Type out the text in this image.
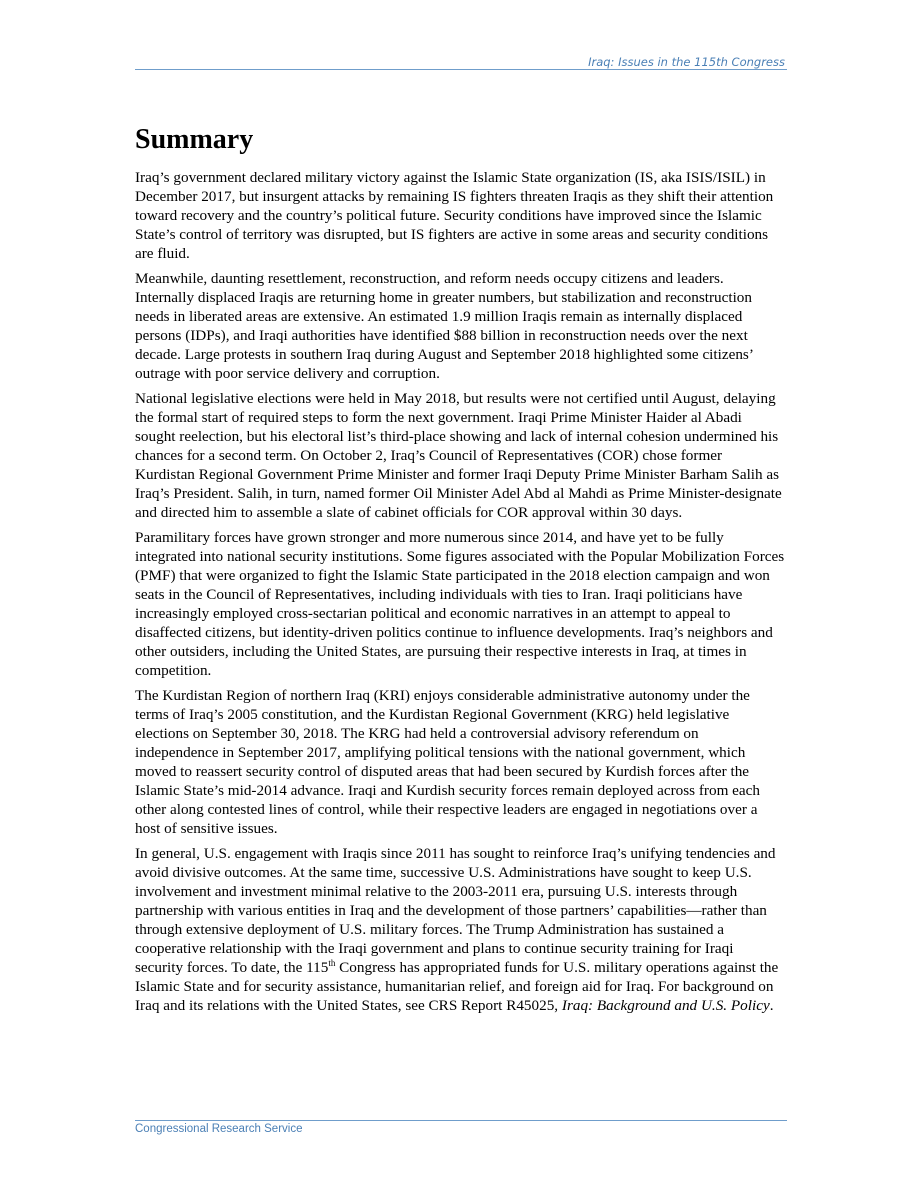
Iraq: Issues in the 115th Congress
Summary

Iraq’s government declared military victory against the Islamic State organization (IS, aka ISIS/ISIL) in December 2017, but insurgent attacks by remaining IS fighters threaten Iraqis as they shift their attention toward recovery and the country’s political future. Security conditions have improved since the Islamic State’s control of territory was disrupted, but IS fighters are active in some areas and security conditions are fluid.

Meanwhile, daunting resettlement, reconstruction, and reform needs occupy citizens and leaders. Internally displaced Iraqis are returning home in greater numbers, but stabilization and reconstruction needs in liberated areas are extensive. An estimated 1.9 million Iraqis remain as internally displaced persons (IDPs), and Iraqi authorities have identified $88 billion in reconstruction needs over the next decade. Large protests in southern Iraq during August and September 2018 highlighted some citizens’ outrage with poor service delivery and corruption.

National legislative elections were held in May 2018, but results were not certified until August, delaying the formal start of required steps to form the next government. Iraqi Prime Minister Haider al Abadi sought reelection, but his electoral list’s third-place showing and lack of internal cohesion undermined his chances for a second term. On October 2, Iraq’s Council of Representatives (COR) chose former Kurdistan Regional Government Prime Minister and former Iraqi Deputy Prime Minister Barham Salih as Iraq’s President. Salih, in turn, named former Oil Minister Adel Abd al Mahdi as Prime Minister-designate and directed him to assemble a slate of cabinet officials for COR approval within 30 days.

Paramilitary forces have grown stronger and more numerous since 2014, and have yet to be fully integrated into national security institutions. Some figures associated with the Popular Mobilization Forces (PMF) that were organized to fight the Islamic State participated in the 2018 election campaign and won seats in the Council of Representatives, including individuals with ties to Iran. Iraqi politicians have increasingly employed cross-sectarian political and economic narratives in an attempt to appeal to disaffected citizens, but identity-driven politics continue to influence developments. Iraq’s neighbors and other outsiders, including the United States, are pursuing their respective interests in Iraq, at times in competition.

The Kurdistan Region of northern Iraq (KRI) enjoys considerable administrative autonomy under the terms of Iraq’s 2005 constitution, and the Kurdistan Regional Government (KRG) held legislative elections on September 30, 2018. The KRG had held a controversial advisory referendum on independence in September 2017, amplifying political tensions with the national government, which moved to reassert security control of disputed areas that had been secured by Kurdish forces after the Islamic State’s mid-2014 advance. Iraqi and Kurdish security forces remain deployed across from each other along contested lines of control, while their respective leaders are engaged in negotiations over a host of sensitive issues.

In general, U.S. engagement with Iraqis since 2011 has sought to reinforce Iraq’s unifying tendencies and avoid divisive outcomes. At the same time, successive U.S. Administrations have sought to keep U.S. involvement and investment minimal relative to the 2003-2011 era, pursuing U.S. interests through partnership with various entities in Iraq and the development of those partners’ capabilities—rather than through extensive deployment of U.S. military forces. The Trump Administration has sustained a cooperative relationship with the Iraqi government and plans to continue security training for Iraqi security forces. To date, the 115th Congress has appropriated funds for U.S. military operations against the Islamic State and for security assistance, humanitarian relief, and foreign aid for Iraq. For background on Iraq and its relations with the United States, see CRS Report R45025, Iraq: Background and U.S. Policy.

Congressional Research Service
